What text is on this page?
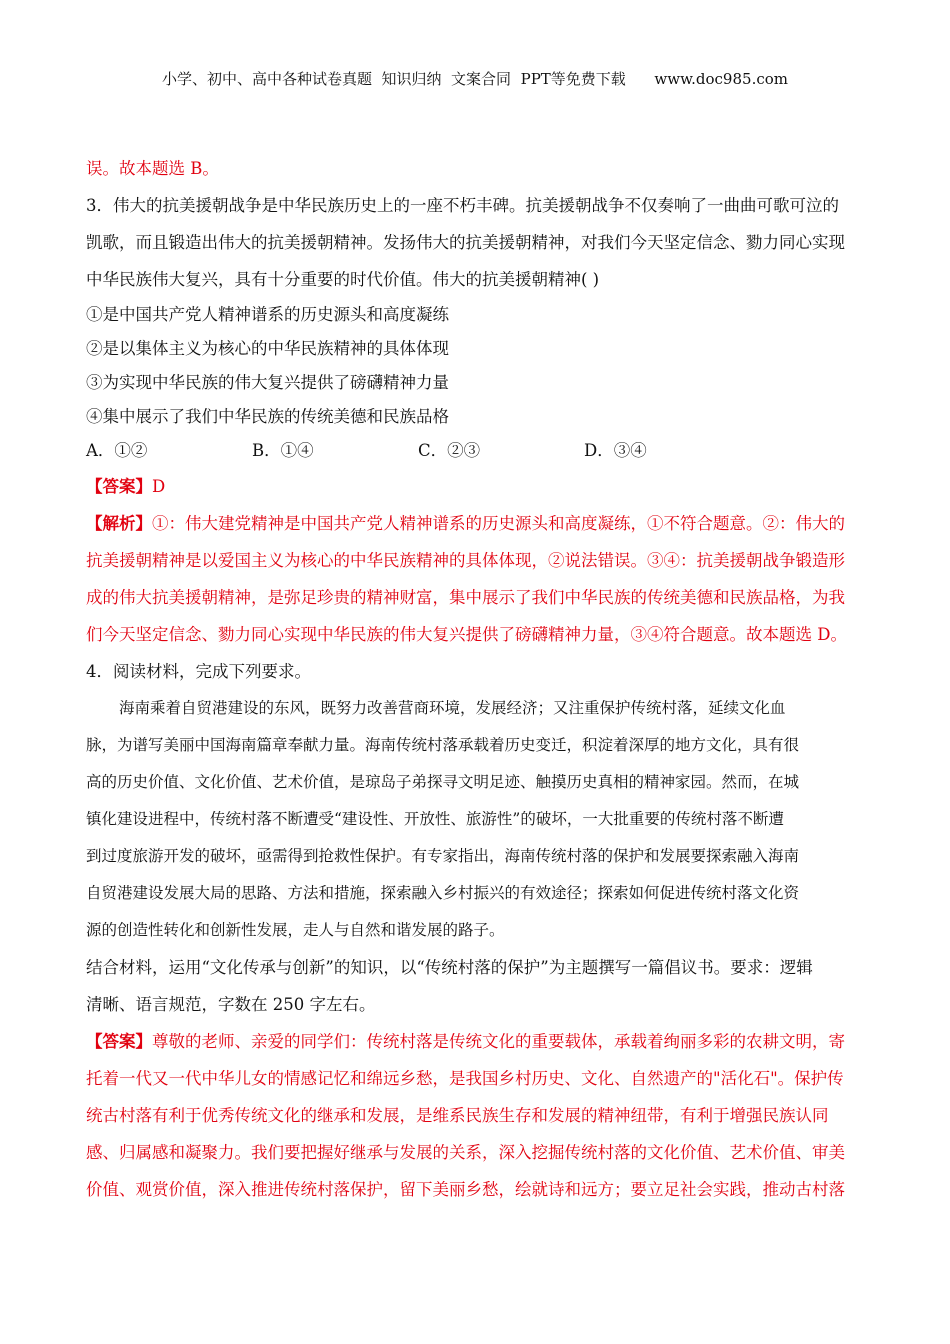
小学、初中、高中各种试卷真题  知识归纳  文案合同  PPT等免费下载      www.doc985.com
误。故本题选 B。
3．伟大的抗美援朝战争是中华民族历史上的一座不朽丰碑。抗美援朝战争不仅奏响了一曲曲可歌可泣的
凯歌，而且锻造出伟大的抗美援朝精神。发扬伟大的抗美援朝精神，对我们今天坚定信念、勠力同心实现
中华民族伟大复兴，具有十分重要的时代价值。伟大的抗美援朝精神( )
①是中国共产党人精神谱系的历史源头和高度凝练
②是以集体主义为核心的中华民族精神的具体体现
③为实现中华民族的伟大复兴提供了磅礴精神力量
④集中展示了我们中华民族的传统美德和民族品格
A．①②	B．①④	C．②③	D．③④
【答案】D
【解析】①：伟大建党精神是中国共产党人精神谱系的历史源头和高度凝练，①不符合题意。②：伟大的
抗美援朝精神是以爱国主义为核心的中华民族精神的具体体现，②说法错误。③④：抗美援朝战争锻造形
成的伟大抗美援朝精神，是弥足珍贵的精神财富，集中展示了我们中华民族的传统美德和民族品格，为我
们今天坚定信念、勠力同心实现中华民族的伟大复兴提供了磅礴精神力量，③④符合题意。故本题选 D。
4．阅读材料，完成下列要求。
海南乘着自贸港建设的东风，既努力改善营商环境，发展经济；又注重保护传统村落，延续文化血
脉，为谱写美丽中国海南篇章奉献力量。海南传统村落承载着历史变迁，积淀着深厚的地方文化，具有很
高的历史价值、文化价值、艺术价值，是琼岛子弟探寻文明足迹、触摸历史真相的精神家园。然而，在城
镇化建设进程中，传统村落不断遭受“建设性、开放性、旅游性”的破坏，一大批重要的传统村落不断遭
到过度旅游开发的破坏，亟需得到抢救性保护。有专家指出，海南传统村落的保护和发展要探索融入海南
自贸港建设发展大局的思路、方法和措施，探索融入乡村振兴的有效途径；探索如何促进传统村落文化资
源的创造性转化和创新性发展，走人与自然和谐发展的路子。
结合材料，运用“文化传承与创新”的知识，以“传统村落的保护”为主题撰写一篇倡议书。要求：逻辑
清晰、语言规范，字数在 250 字左右。
【答案】尊敬的老师、亲爱的同学们：传统村落是传统文化的重要载体，承载着绚丽多彩的农耕文明，寄
托着一代又一代中华儿女的情感记忆和绵远乡愁，是我国乡村历史、文化、自然遗产的"活化石"。保护传
统古村落有利于优秀传统文化的继承和发展，是维系民族生存和发展的精神纽带，有利于增强民族认同
感、归属感和凝聚力。我们要把握好继承与发展的关系，深入挖掘传统村落的文化价值、艺术价值、审美
价值、观赏价值，深入推进传统村落保护，留下美丽乡愁，绘就诗和远方；要立足社会实践，推动古村落
